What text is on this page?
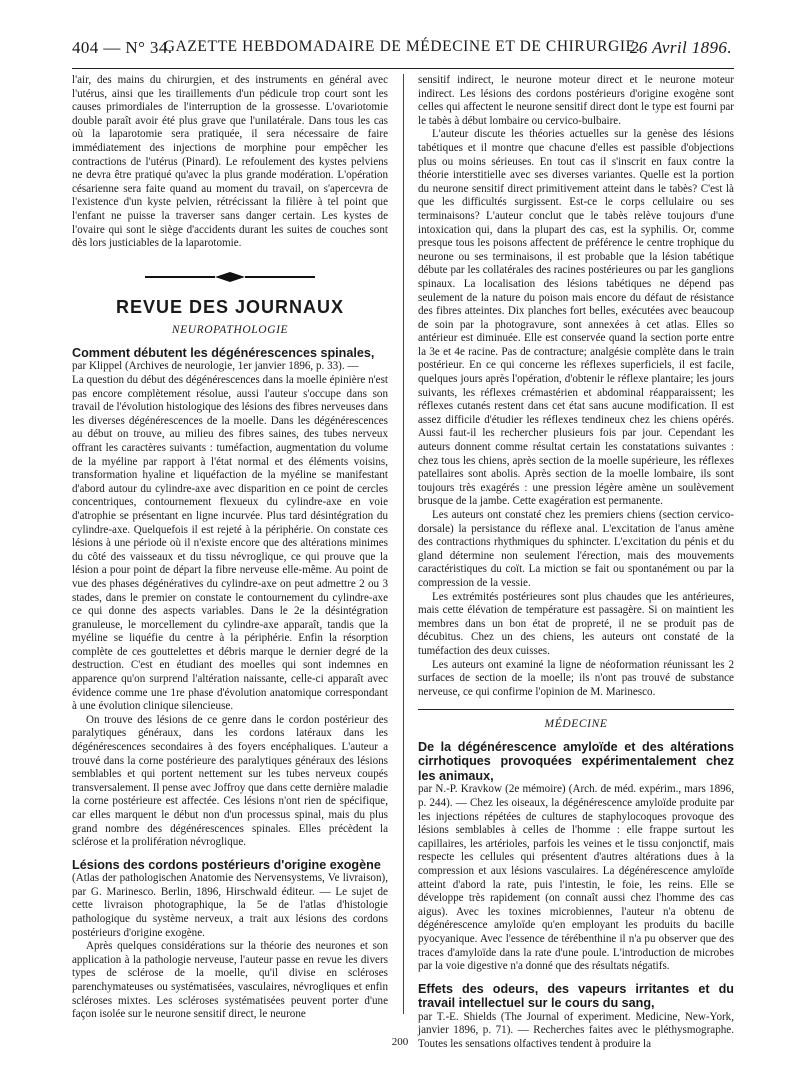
404 — N° 34.
GAZETTE HEBDOMADAIRE DE MÉDECINE ET DE CHIRURGIE.
26 Avril 1896.

l'air, des mains du chirurgien, et des instruments en général avec l'utérus, ainsi que les tiraillements d'un pédicule trop court sont les causes primordiales de l'interruption de la grossesse. L'ovariotomie double paraît avoir été plus grave que l'unilatérale. Dans tous les cas où la laparotomie sera pratiquée, il sera nécessaire de faire immédiatement des injections de morphine pour empêcher les contractions de l'utérus (Pinard). Le refoulement des kystes pelviens ne devra être pratiqué qu'avec la plus grande modération. L'opération césarienne sera faite quand au moment du travail, on s'apercevra de l'existence d'un kyste pelvien, rétrécissant la filière à tel point que l'enfant ne puisse la traverser sans danger certain. Les kystes de l'ovaire qui sont le siège d'accidents durant les suites de couches sont dès lors justiciables de la laparotomie.

REVUE DES JOURNAUX
NEUROPATHOLOGIE
Comment débutent les dégénérescences spinales,

par Klippel (Archives de neurologie, 1er janvier 1896, p. 33). —

La question du début des dégénérescences dans la moelle épinière n'est pas encore complètement résolue, aussi l'auteur s'occupe dans son travail de l'évolution histologique des lésions des fibres nerveuses dans les diverses dégénérescences de la moelle. Dans les dégénérescences au début on trouve, au milieu des fibres saines, des tubes nerveux offrant les caractères suivants : tuméfaction, augmentation du volume de la myéline par rapport à l'état normal et des éléments voisins, transformation hyaline et liquéfaction de la myéline se manifestant d'abord autour du cylindre-axe avec disparition en ce point de cercles concentriques, contournement flexueux du cylindre-axe en voie d'atrophie se présentant en ligne incurvée. Plus tard désintégration du cylindre-axe. Quelquefois il est rejeté à la périphérie. On constate ces lésions à une période où il n'existe encore que des altérations minimes du côté des vaisseaux et du tissu névroglique, ce qui prouve que la lésion a pour point de départ la fibre nerveuse elle-même. Au point de vue des phases dégénératives du cylindre-axe on peut admettre 2 ou 3 stades, dans le premier on constate le contournement du cylindre-axe ce qui donne des aspects variables. Dans le 2e la désintégration granuleuse, le morcellement du cylindre-axe apparaît, tandis que la myéline se liquéfie du centre à la périphérie. Enfin la résorption complète de ces gouttelettes et débris marque le dernier degré de la destruction. C'est en étudiant des moelles qui sont indemnes en apparence qu'on surprend l'altération naissante, celle-ci apparaît avec évidence comme une 1re phase d'évolution anatomique correspondant à une évolution clinique silencieuse.

On trouve des lésions de ce genre dans le cordon postérieur des paralytiques généraux, dans les cordons latéraux dans les dégénérescences secondaires à des foyers encéphaliques. L'auteur a trouvé dans la corne postérieure des paralytiques généraux des lésions semblables et qui portent nettement sur les tubes nerveux coupés transversalement. Il pense avec Joffroy que dans cette dernière maladie la corne postérieure est affectée. Ces lésions n'ont rien de spécifique, car elles marquent le début non d'un processus spinal, mais du plus grand nombre des dégénérescences spinales. Elles précèdent la sclérose et la prolifération névroglique.

Lésions des cordons postérieurs d'origine exogène

(Atlas der pathologischen Anatomie des Nervensystems, Ve livraison), par G. Marinesco. Berlin, 1896, Hirschwald éditeur. — Le sujet de cette livraison photographique, la 5e de l'atlas d'histologie pathologique du système nerveux, a trait aux lésions des cordons postérieurs d'origine exogène.

Après quelques considérations sur la théorie des neurones et son application à la pathologie nerveuse, l'auteur passe en revue les divers types de sclérose de la moelle, qu'il divise en scléroses parenchymateuses ou systématisées, vasculaires, névrogliques et enfin scléroses mixtes. Les scléroses systématisées peuvent porter d'une façon isolée sur le neurone sensitif direct, le neurone

sensitif indirect, le neurone moteur direct et le neurone moteur indirect. Les lésions des cordons postérieurs d'origine exogène sont celles qui affectent le neurone sensitif direct dont le type est fourni par le tabès à début lombaire ou cervico-bulbaire.

L'auteur discute les théories actuelles sur la genèse des lésions tabétiques et il montre que chacune d'elles est passible d'objections plus ou moins sérieuses. En tout cas il s'inscrit en faux contre la théorie interstitielle avec ses diverses variantes. Quelle est la portion du neurone sensitif direct primitivement atteint dans le tabès? C'est là que les difficultés surgissent. Est-ce le corps cellulaire ou ses terminaisons? L'auteur conclut que le tabès relève toujours d'une intoxication qui, dans la plupart des cas, est la syphilis. Or, comme presque tous les poisons affectent de préférence le centre trophique du neurone ou ses terminaisons, il est probable que la lésion tabétique débute par les collatérales des racines postérieures ou par les ganglions spinaux. La localisation des lésions tabétiques ne dépend pas seulement de la nature du poison mais encore du défaut de résistance des fibres atteintes. Dix planches fort belles, exécutées avec beaucoup de soin par la photogravure, sont annexées à cet atlas. Elles so antérieur est diminuée. Elle est conservée quand la section porte entre la 3e et 4e racine. Pas de contracture; analgésie complète dans le train postérieur. En ce qui concerne les réflexes superficiels, il est facile, quelques jours après l'opération, d'obtenir le réflexe plantaire; les jours suivants, les réflexes crémastérien et abdominal réapparaissent; les réflexes cutanés restent dans cet état sans aucune modification. Il est assez difficile d'étudier les réflexes tendineux chez les chiens opérés. Aussi faut-il les rechercher plusieurs fois par jour. Cependant les auteurs donnent comme résultat certain les constatations suivantes : chez tous les chiens, après section de la moelle supérieure, les réflexes patellaires sont abolis. Après section de la moelle lombaire, ils sont toujours très exagérés : une pression légère amène un soulèvement brusque de la jambe. Cette exagération est permanente.

Les auteurs ont constaté chez les premiers chiens (section cervico-dorsale) la persistance du réflexe anal. L'excitation de l'anus amène des contractions rhythmiques du sphincter. L'excitation du pénis et du gland détermine non seulement l'érection, mais des mouvements caractéristiques du coït. La miction se fait ou spontanément ou par la compression de la vessie.

Les extrémités postérieures sont plus chaudes que les antérieures, mais cette élévation de température est passagère. Si on maintient les membres dans un bon état de propreté, il ne se produit pas de décubitus. Chez un des chiens, les auteurs ont constaté de la tuméfaction des deux cuisses.

Les auteurs ont examiné la ligne de néoformation réunissant les 2 surfaces de section de la moelle; ils n'ont pas trouvé de substance nerveuse, ce qui confirme l'opinion de M. Marinesco.

MÉDECINE
De la dégénérescence amyloïde et des altérations cirrhotiques provoquées expérimentalement chez les animaux,

par N.-P. Kravkow (2e mémoire) (Arch. de méd. expérim., mars 1896, p. 244). — Chez les oiseaux, la dégénérescence amyloïde produite par les injections répétées de cultures de staphylocoques provoque des lésions semblables à celles de l'homme : elle frappe surtout les capillaires, les artérioles, parfois les veines et le tissu conjonctif, mais respecte les cellules qui présentent d'autres altérations dues à la compression et aux lésions vasculaires. La dégénérescence amyloïde atteint d'abord la rate, puis l'intestin, le foie, les reins. Elle se développe très rapidement (on connaît aussi chez l'homme des cas aigus). Avec les toxines microbiennes, l'auteur n'a obtenu de dégénérescence amyloïde qu'en employant les produits du bacille pyocyanique. Avec l'essence de térébenthine il n'a pu observer que des traces d'amyloïde dans la rate d'une poule. L'introduction de microbes par la voie digestive n'a donné que des résultats négatifs.

Effets des odeurs, des vapeurs irritantes et du travail intellectuel sur le cours du sang,

par T.-E. Shields (The Journal of experiment. Medicine, New-York, janvier 1896, p. 71). — Recherches faites avec le pléthysmographe. Toutes les sensations olfactives tendent à produire la

200
